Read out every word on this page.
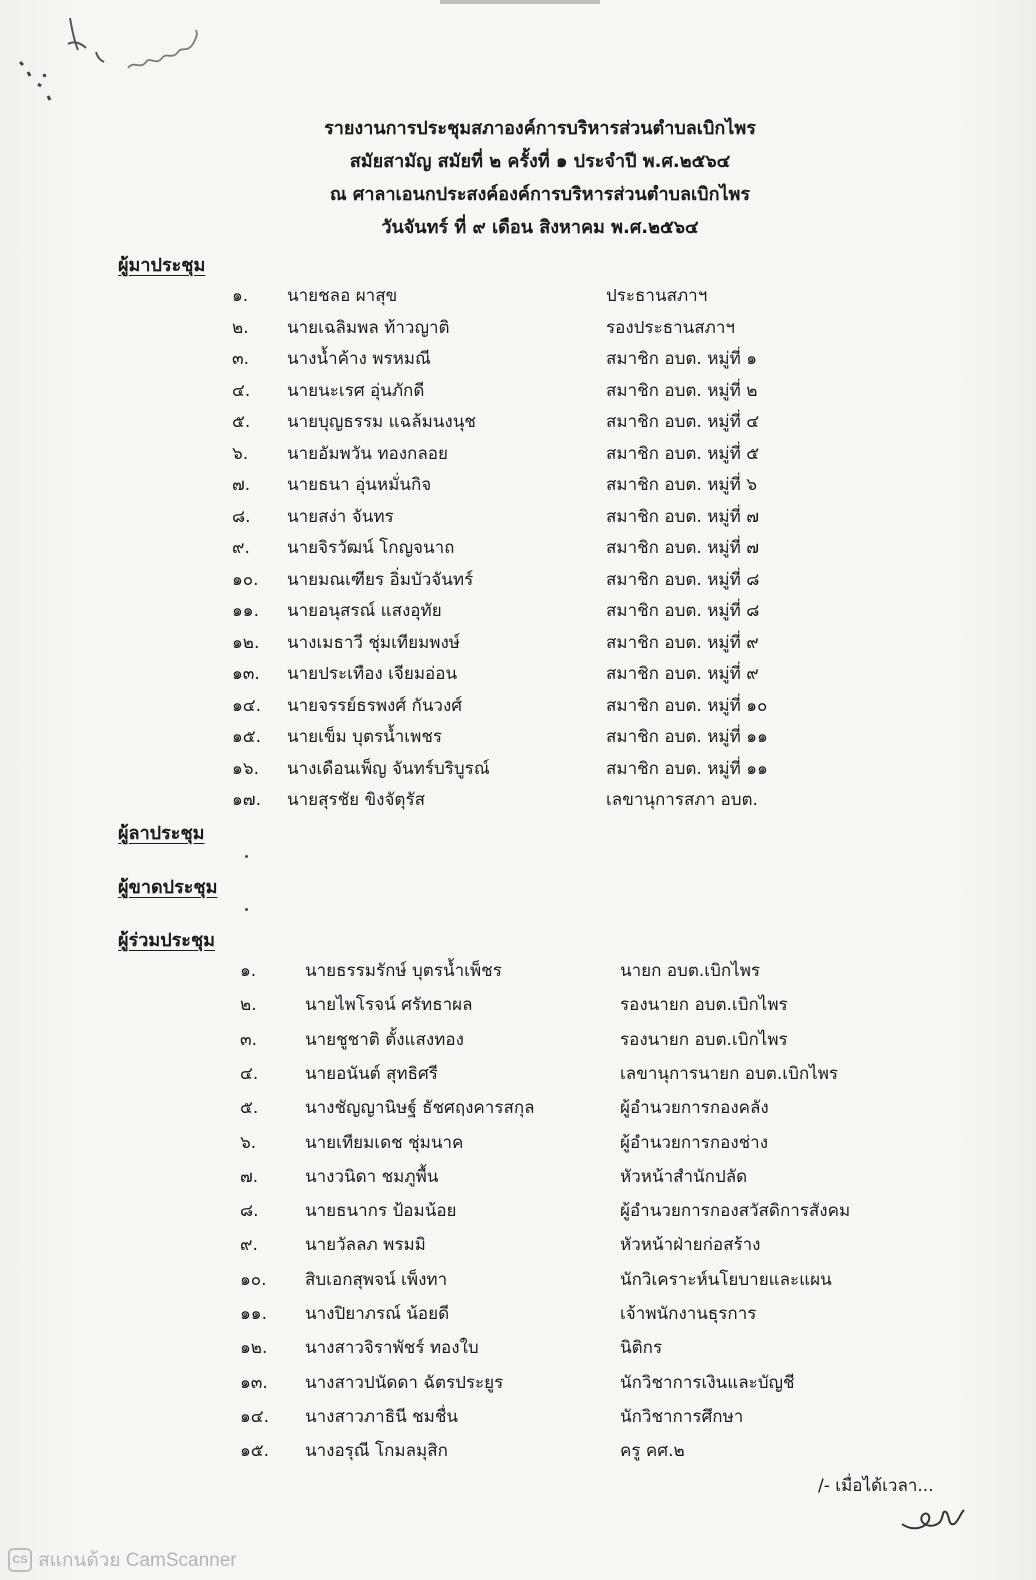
รายงานการประชุมสภาองค์การบริหารส่วนตำบลเบิกไพร
สมัยสามัญ สมัยที่ ๒ ครั้งที่ ๑ ประจำปี พ.ศ.๒๕๖๔
ณ ศาลาเอนกประสงค์องค์การบริหารส่วนตำบลเบิกไพร
วันจันทร์ ที่ ๙ เดือน สิงหาคม พ.ศ.๒๕๖๔
ผู้มาประชุม
๑. นายชลอ ผาสุข	ประธานสภาฯ
๒. นายเฉลิมพล ท้าวญาติ	รองประธานสภาฯ
๓. นางน้ำค้าง พรหมณี	สมาชิก อบต. หมู่ที่ ๑
๔. นายนะเรศ อุ่นภักดี	สมาชิก อบต. หมู่ที่ ๒
๕. นายบุญธรรม แฉล้มนงนุช	สมาชิก อบต. หมู่ที่ ๔
๖. นายอัมพวัน ทองกลอย	สมาชิก อบต. หมู่ที่ ๕
๗. นายธนา อุ่นหมั่นกิจ	สมาชิก อบต. หมู่ที่ ๖
๘. นายสง่า จันทร	สมาชิก อบต. หมู่ที่ ๗
๙. นายจิรวัฒน์ โกญจนาถ	สมาชิก อบต. หมู่ที่ ๗
๑๐. นายมณเฑียร อิ่มบัวจันทร์	สมาชิก อบต. หมู่ที่ ๘
๑๑. นายอนุสรณ์ แสงอุทัย	สมาชิก อบต. หมู่ที่ ๘
๑๒. นางเมธาวี ชุ่มเทียมพงษ์	สมาชิก อบต. หมู่ที่ ๙
๑๓. นายประเทือง เจียมอ่อน	สมาชิก อบต. หมู่ที่ ๙
๑๔. นายจรรย์ธรพงศ์ กันวงศ์	สมาชิก อบต. หมู่ที่ ๑๐
๑๕. นายเข็ม บุตรน้ำเพชร	สมาชิก อบต. หมู่ที่ ๑๑
๑๖. นางเดือนเพ็ญ จันทร์บริบูรณ์	สมาชิก อบต. หมู่ที่ ๑๑
๑๗. นายสุรชัย ขิงจัตุรัส	เลขานุการสภา อบต.
ผู้ลาประชุม
ผู้ขาดประชุม
ผู้ร่วมประชุม
๑.	นายธรรมรักษ์ บุตรน้ำเพ็ชร	นายก อบต.เบิกไพร
๒.	นายไพโรจน์ ศรัทธาผล	รองนายก อบต.เบิกไพร
๓.	นายชูชาติ ตั้งแสงทอง	รองนายก อบต.เบิกไพร
๔.	นายอนันต์ สุทธิศรี	เลขานุการนายก อบต.เบิกไพร
๕.	นางชัญญานิษฐ์ ธัชศฤงคารสกุล	ผู้อำนวยการกองคลัง
๖.	นายเทียมเดช ชุ่มนาค	ผู้อำนวยการกองช่าง
๗.	นางวนิดา ชมภูพื้น	หัวหน้าสำนักปลัด
๘.	นายธนากร ป้อมน้อย	ผู้อำนวยการกองสวัสดิการสังคม
๙.	นายวัลลภ พรมมิ	หัวหน้าฝ่ายก่อสร้าง
๑๐. สิบเอกสุพจน์ เพ็งทา	นักวิเคราะห์นโยบายและแผน
๑๑. นางปิยาภรณ์ น้อยดี	เจ้าพนักงานธุรการ
๑๒. นางสาวจิราพัชร์ ทองใบ	นิติกร
๑๓. นางสาวปนัดดา ฉัตรประยูร	นักวิชาการเงินและบัญชี
๑๔. นางสาวภาธินี ชมชื่น	นักวิชาการศึกษา
๑๕. นางอรุณี โกมลมุสิก	ครู คศ.๒
/- เมื่อได้เวลา...
CS สแกนด้วย CamScanner
